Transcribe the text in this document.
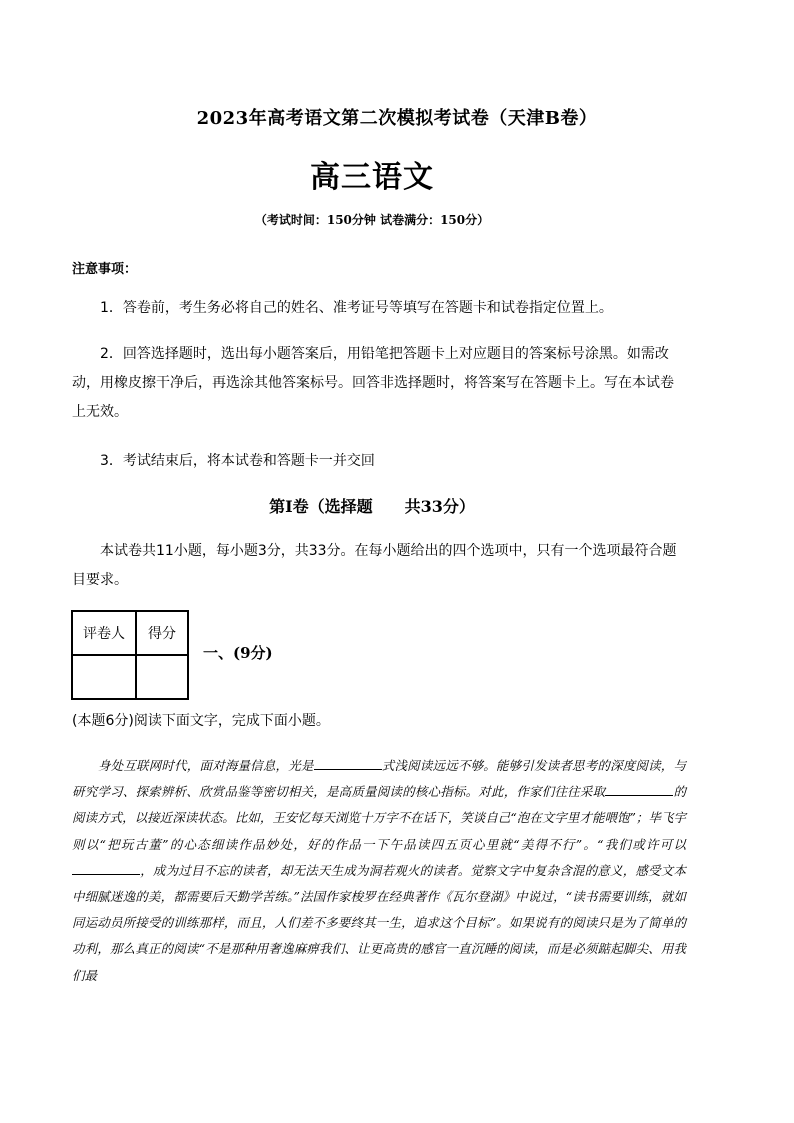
2023年高考语文第二次模拟考试卷（天津B卷）
高三语文
（考试时间：150分钟 试卷满分：150分）
注意事项：
1．答卷前，考生务必将自己的姓名、准考证号等填写在答题卡和试卷指定位置上。
2．回答选择题时，选出每小题答案后，用铅笔把答题卡上对应题目的答案标号涂黑。如需改动，用橡皮擦干净后，再选涂其他答案标号。回答非选择题时，将答案写在答题卡上。写在本试卷上无效。
3．考试结束后，将本试卷和答题卡一并交回
第Ⅰ卷（选择题　　共33分）
本试卷共11小题，每小题3分，共33分。在每小题给出的四个选项中，只有一个选项最符合题目要求。
评卷人	得分

一、(9分)
(本题6分)阅读下面文字，完成下面小题。
身处互联网时代，面对海量信息，光是	式浅阅读远远不够。能够引发读者思考的深度阅读，与研究学习、探索辨析、欣赏品鉴等密切相关，是高质量阅读的核心指标。对此，作家们往往采取	的阅读方式，以接近深读状态。比如，王安忆每天浏览十万字不在话下，笑谈自己“泡在文字里才能喂饱”；毕飞宇则以“把玩古董”的心态细读作品妙处，好的作品一下午品读四五页心里就“美得不行”。“我们或许可以，成为过目不忘的读者，却无法天生成为洞若观火的读者。觉察文字中复杂含混的意义，感受文本中细腻迷逸的美，都需要后天勤学苦练。”法国作家梭罗在经典著作《瓦尔登湖》中说过，“读书需要训练，就如同运动员所接受的训练那样，而且，人们差不多要终其一生，追求这个目标”。如果说有的阅读只是为了简单的功利，那么真正的阅读“不是那种用奢逸麻痹我们、让更高贵的感官一直沉睡的阅读，而是必须踮起脚尖、用我们最
